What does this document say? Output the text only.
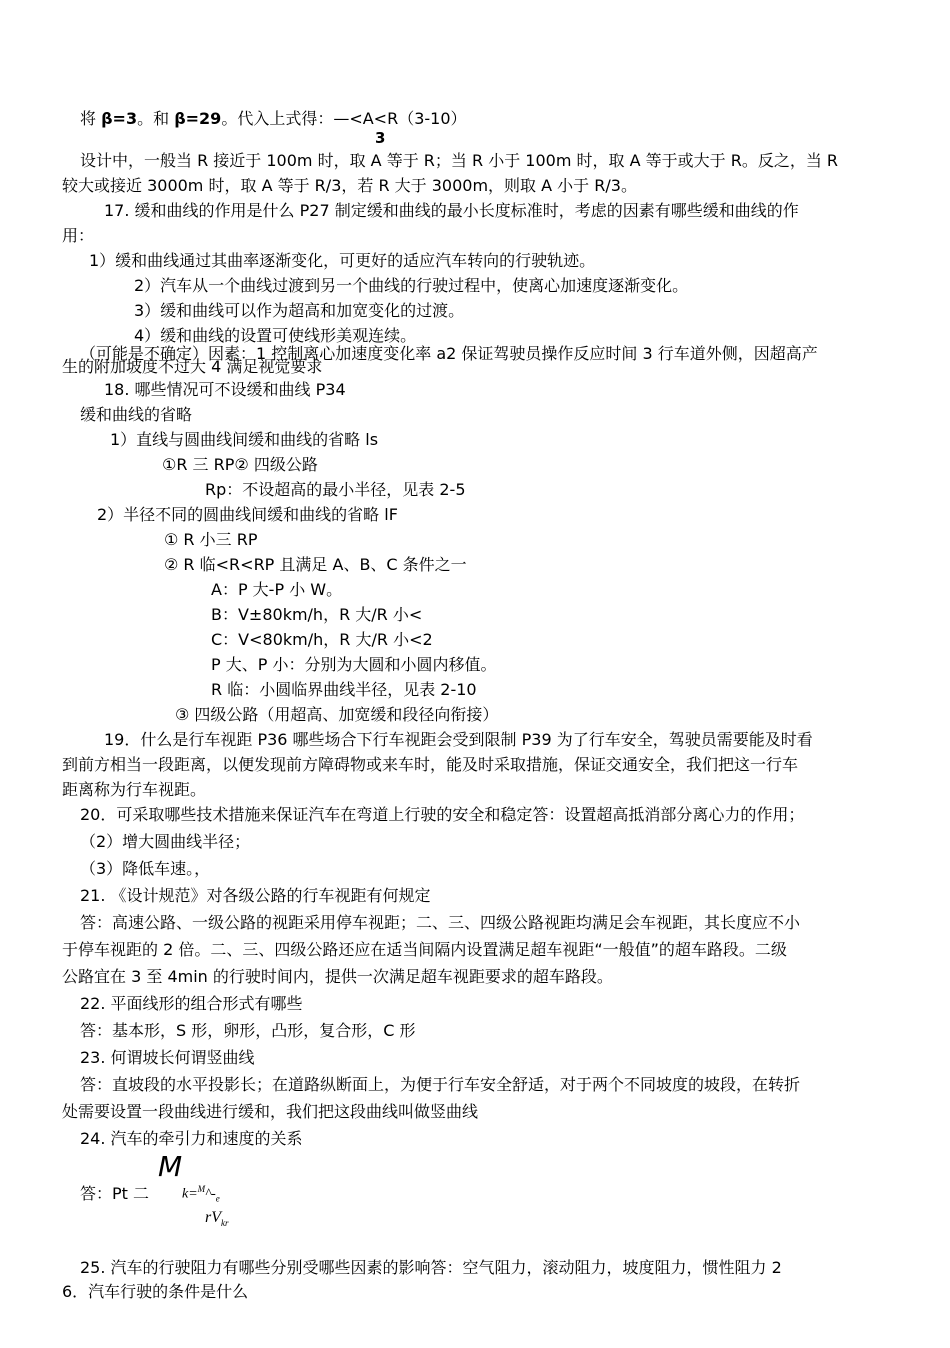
将 β=3。和 β=29。代入上式得：—<A<R（3-10）
3
设计中，一般当 R 接近于 100m 时，取 A 等于 R；当 R 小于 100m 时，取 A 等于或大于 R。反之，当 R
较大或接近 3000m 时，取 A 等于 R/3，若 R 大于 3000m，则取 A 小于 R/3。
17. 缓和曲线的作用是什么 P27 制定缓和曲线的最小长度标准时，考虑的因素有哪些缓和曲线的作
用：
1）缓和曲线通过其曲率逐渐变化，可更好的适应汽车转向的行驶轨迹。
2）汽车从一个曲线过渡到另一个曲线的行驶过程中，使离心加速度逐渐变化。
3）缓和曲线可以作为超高和加宽变化的过渡。
4）缓和曲线的设置可使线形美观连续。
（可能是不确定）因素：1 控制离心加速度变化率 a2 保证驾驶员操作反应时间 3 行车道外侧，因超高产
生的附加坡度不过大 4 满足视觉要求
18. 哪些情况可不设缓和曲线 P34
缓和曲线的省略
1）直线与圆曲线间缓和曲线的省略 ls
①R 三 RP② 四级公路
Rp：不设超高的最小半径，见表 2-5
2）半径不同的圆曲线间缓和曲线的省略 lF
① R 小三 RP
② R 临<R<RP 且满足 A、B、C 条件之一
A：P 大-P 小 W。
B：V±80km/h，R 大/R 小<
C：V<80km/h，R 大/R 小<2
P 大、P 小：分别为大圆和小圆内移值。
R 临：小圆临界曲线半径，见表 2-10
③ 四级公路（用超高、加宽缓和段径向衔接）
19．什么是行车视距 P36 哪些场合下行车视距会受到限制 P39 为了行车安全，驾驶员需要能及时看
到前方相当一段距离，以便发现前方障碍物或来车时，能及时采取措施，保证交通安全，我们把这一行车
距离称为行车视距。
20．可采取哪些技术措施来保证汽车在弯道上行驶的安全和稳定答：设置超高抵消部分离心力的作用；
（2）增大圆曲线半径；
（3）降低车速。，
21. 《设计规范》对各级公路的行车视距有何规定
答：高速公路、一级公路的视距采用停车视距；二、三、四级公路视距均满足会车视距，其长度应不小
于停车视距的 2 倍。二、三、四级公路还应在适当间隔内设置满足超车视距“一般值”的超车路段。二级
公路宜在 3 至 4min 的行驶时间内，提供一次满足超车视距要求的超车路段。
22. 平面线形的组合形式有哪些
答：基本形，S 形，卵形，凸形，复合形，C 形
23. 何谓坡长何谓竖曲线
答：直坡段的水平投影长；在道路纵断面上，为便于行车安全舒适，对于两个不同坡度的坡段，在转折
处需要设置一段曲线进行缓和，我们把这段曲线叫做竖曲线
24. 汽车的牵引力和速度的关系
M
答：Pt 二 $k=^M\^{}-_e$
$rV_{kr}$
25. 汽车的行驶阻力有哪些分别受哪些因素的影响答：空气阻力，滚动阻力，坡度阻力，惯性阻力 2
6．汽车行驶的条件是什么
